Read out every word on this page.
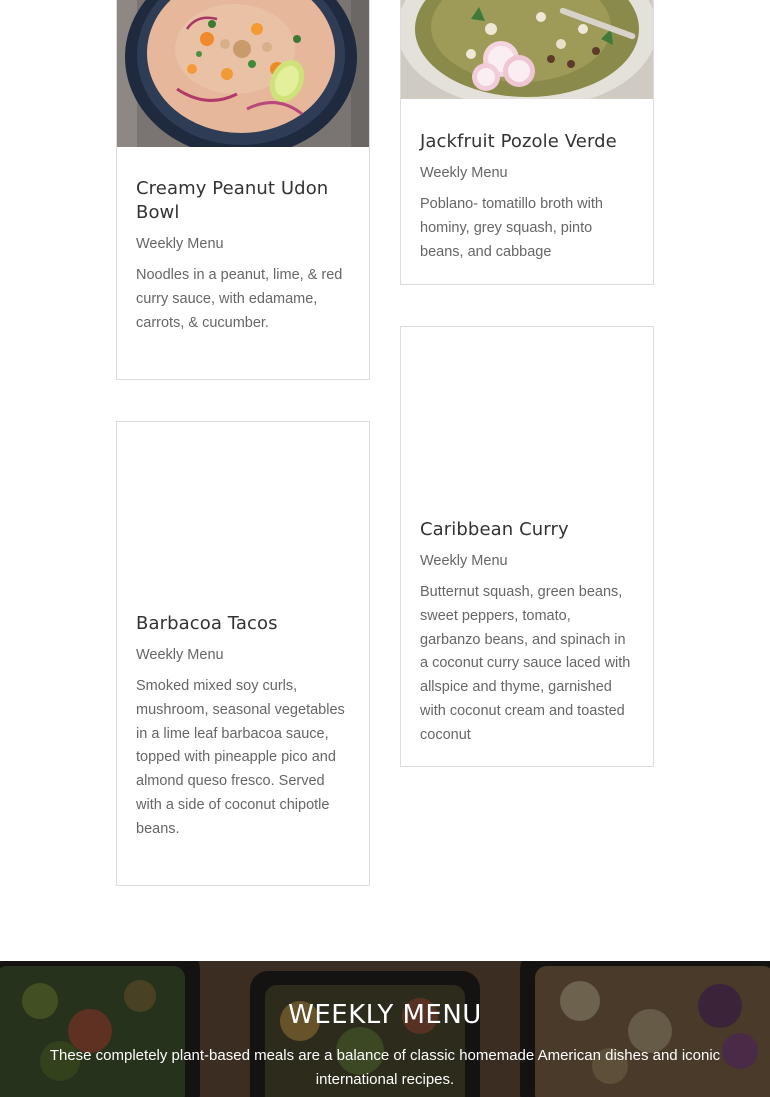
Creamy Peanut Udon Bowl
Weekly Menu
Noodles in a peanut, lime, & red curry sauce, with edamame, carrots, & cucumber.
Jackfruit Pozole Verde
Weekly Menu
Poblano- tomatillo broth with hominy, grey squash, pinto beans, and cabbage
Barbacoa Tacos
Weekly Menu
Smoked mixed soy curls, mushroom, seasonal vegetables in a lime leaf barbacoa sauce, topped with pineapple pico and almond queso fresco. Served with a side of coconut chipotle beans.
Caribbean Curry
Weekly Menu
Butternut squash, green beans, sweet peppers, tomato, garbanzo beans, and spinach in a coconut curry sauce laced with allspice and thyme, garnished with coconut cream and toasted coconut
WEEKLY MENU
These completely plant-based meals are a balance of classic homemade American dishes and iconic international recipes.
